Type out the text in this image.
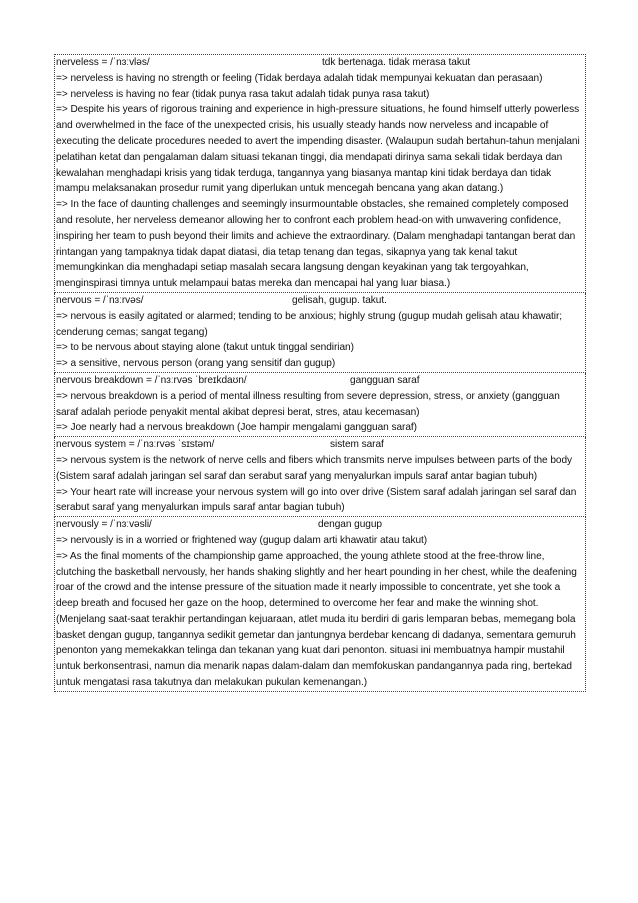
nerveless = /ˈnɜːvləs/	tdk bertenaga. tidak merasa takut

=> nerveless is having no strength or feeling (Tidak berdaya adalah tidak mempunyai kekuatan dan perasaan)

=> nerveless is having no fear (tidak punya rasa takut adalah tidak punya rasa takut)

=> Despite his years of rigorous training and experience in high-pressure situations, he found himself utterly powerless and overwhelmed in the face of the unexpected crisis, his usually steady hands now nerveless and incapable of executing the delicate procedures needed to avert the impending disaster. (Walaupun sudah bertahun-tahun menjalani pelatihan ketat dan pengalaman dalam situasi tekanan tinggi, dia mendapati dirinya sama sekali tidak berdaya dan kewalahan menghadapi krisis yang tidak terduga, tangannya yang biasanya mantap kini tidak berdaya dan tidak mampu melaksanakan prosedur rumit yang diperlukan untuk mencegah bencana yang akan datang.)

=> In the face of daunting challenges and seemingly insurmountable obstacles, she remained completely composed and resolute, her nerveless demeanor allowing her to confront each problem head-on with unwavering confidence, inspiring her team to push beyond their limits and achieve the extraordinary. (Dalam menghadapi tantangan berat dan rintangan yang tampaknya tidak dapat diatasi, dia tetap tenang dan tegas, sikapnya yang tak kenal takut memungkinkan dia menghadapi setiap masalah secara langsung dengan keyakinan yang tak tergoyahkan, menginspirasi timnya untuk melampaui batas mereka dan mencapai hal yang luar biasa.)

nervous = /ˈnɜːrvəs/	gelisah, gugup. takut.

=> nervous is easily agitated or alarmed; tending to be anxious; highly strung (gugup mudah gelisah atau khawatir; cenderung cemas; sangat tegang)

=> to be nervous about staying alone (takut untuk tinggal sendirian)

=> a sensitive, nervous person (orang yang sensitif dan gugup)

nervous breakdown = /ˈnɜːrvəs ˈbreɪkdaʊn/	gangguan saraf

=> nervous breakdown is a period of mental illness resulting from severe depression, stress, or anxiety (gangguan saraf adalah periode penyakit mental akibat depresi berat, stres, atau kecemasan)

=> Joe nearly had a nervous breakdown (Joe hampir mengalami gangguan saraf)

nervous system = /ˈnɜːrvəs ˈsɪstəm/	sistem saraf

=> nervous system is the network of nerve cells and fibers which transmits nerve impulses between parts of the body (Sistem saraf adalah jaringan sel saraf dan serabut saraf yang menyalurkan impuls saraf antar bagian tubuh)

=> Your heart rate will increase your nervous system will go into over drive (Sistem saraf adalah jaringan sel saraf dan serabut saraf yang menyalurkan impuls saraf antar bagian tubuh)

nervously = /ˈnɜːvəsli/	dengan gugup

=> nervously is in a worried or frightened way (gugup dalam arti khawatir atau takut)

=> As the final moments of the championship game approached, the young athlete stood at the free-throw line, clutching the basketball nervously, her hands shaking slightly and her heart pounding in her chest, while the deafening roar of the crowd and the intense pressure of the situation made it nearly impossible to concentrate, yet she took a deep breath and focused her gaze on the hoop, determined to overcome her fear and make the winning shot. (Menjelang saat-saat terakhir pertandingan kejuaraan, atlet muda itu berdiri di garis lemparan bebas, memegang bola basket dengan gugup, tangannya sedikit gemetar dan jantungnya berdebar kencang di dadanya, sementara gemuruh penonton yang memekakkan telinga dan tekanan yang kuat dari penonton. situasi ini membuatnya hampir mustahil untuk berkonsentrasi, namun dia menarik napas dalam-dalam dan memfokuskan pandangannya pada ring, bertekad untuk mengatasi rasa takutnya dan melakukan pukulan kemenangan.)
